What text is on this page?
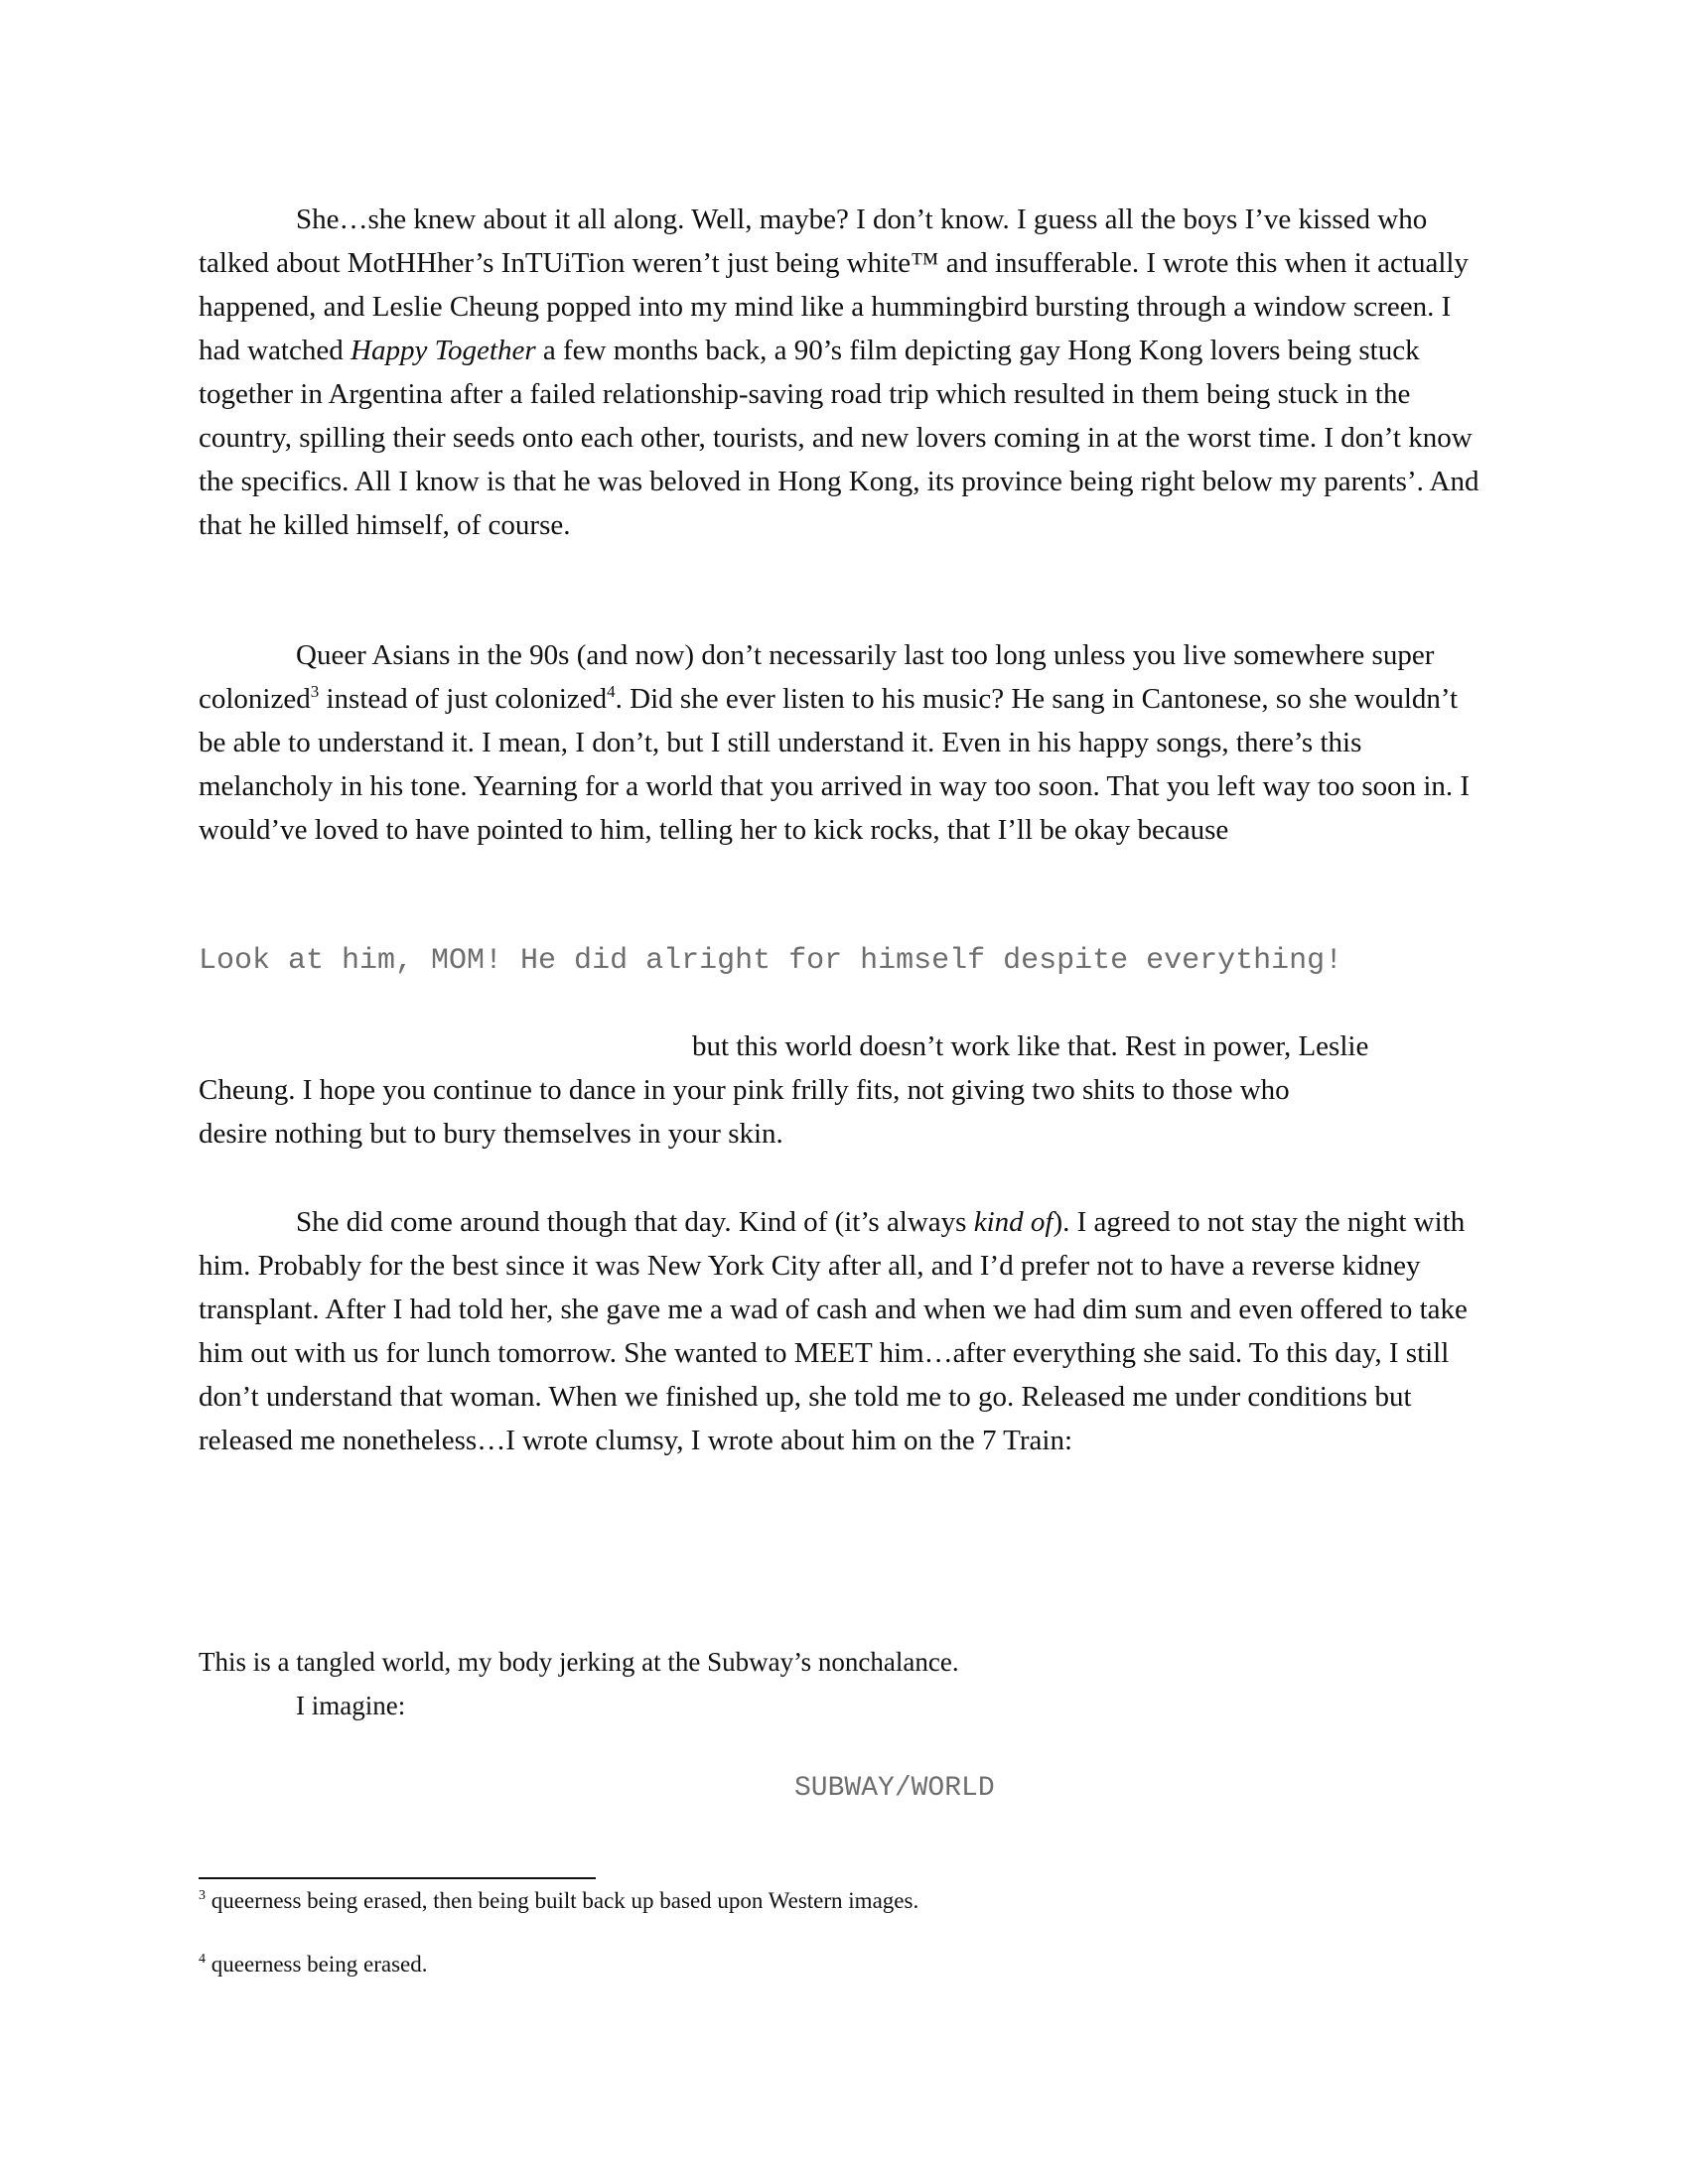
She…she knew about it all along. Well, maybe? I don’t know. I guess all the boys I’ve kissed who talked about MotHHher’s InTUiTion weren’t just being white™ and insufferable. I wrote this when it actually happened, and Leslie Cheung popped into my mind like a hummingbird bursting through a window screen. I had watched Happy Together a few months back, a 90’s film depicting gay Hong Kong lovers being stuck together in Argentina after a failed relationship-saving road trip which resulted in them being stuck in the country, spilling their seeds onto each other, tourists, and new lovers coming in at the worst time. I don’t know the specifics. All I know is that he was beloved in Hong Kong, its province being right below my parents’. And that he killed himself, of course.

Queer Asians in the 90s (and now) don’t necessarily last too long unless you live somewhere super colonized$^3$ instead of just colonized$^4$. Did she ever listen to his music? He sang in Cantonese, so she wouldn’t be able to understand it. I mean, I don’t, but I still understand it. Even in his happy songs, there’s this melancholy in his tone. Yearning for a world that you arrived in way too soon. That you left way too soon in. I would’ve loved to have pointed to him, telling her to kick rocks, that I’ll be okay because

Look at him, MOM! He did alright for himself despite everything!

but this world doesn’t work like that. Rest in power, Leslie

Cheung. I hope you continue to dance in your pink frilly fits, not giving two shits to those who

desire nothing but to bury themselves in your skin.

She did come around though that day. Kind of (it’s always kind of). I agreed to not stay the night with him. Probably for the best since it was New York City after all, and I’d prefer not to have a reverse kidney transplant. After I had told her, she gave me a wad of cash and when we had dim sum and even offered to take him out with us for lunch tomorrow. She wanted to MEET him…after everything she said. To this day, I still don’t understand that woman. When we finished up, she told me to go. Released me under conditions but released me nonetheless…I wrote clumsy, I wrote about him on the 7 Train:

This is a tangled world, my body jerking at the Subway’s nonchalance.

I imagine:

SUBWAY/WORLD

$^3$ queerness being erased, then being built back up based upon Western images.

$^4$ queerness being erased.
